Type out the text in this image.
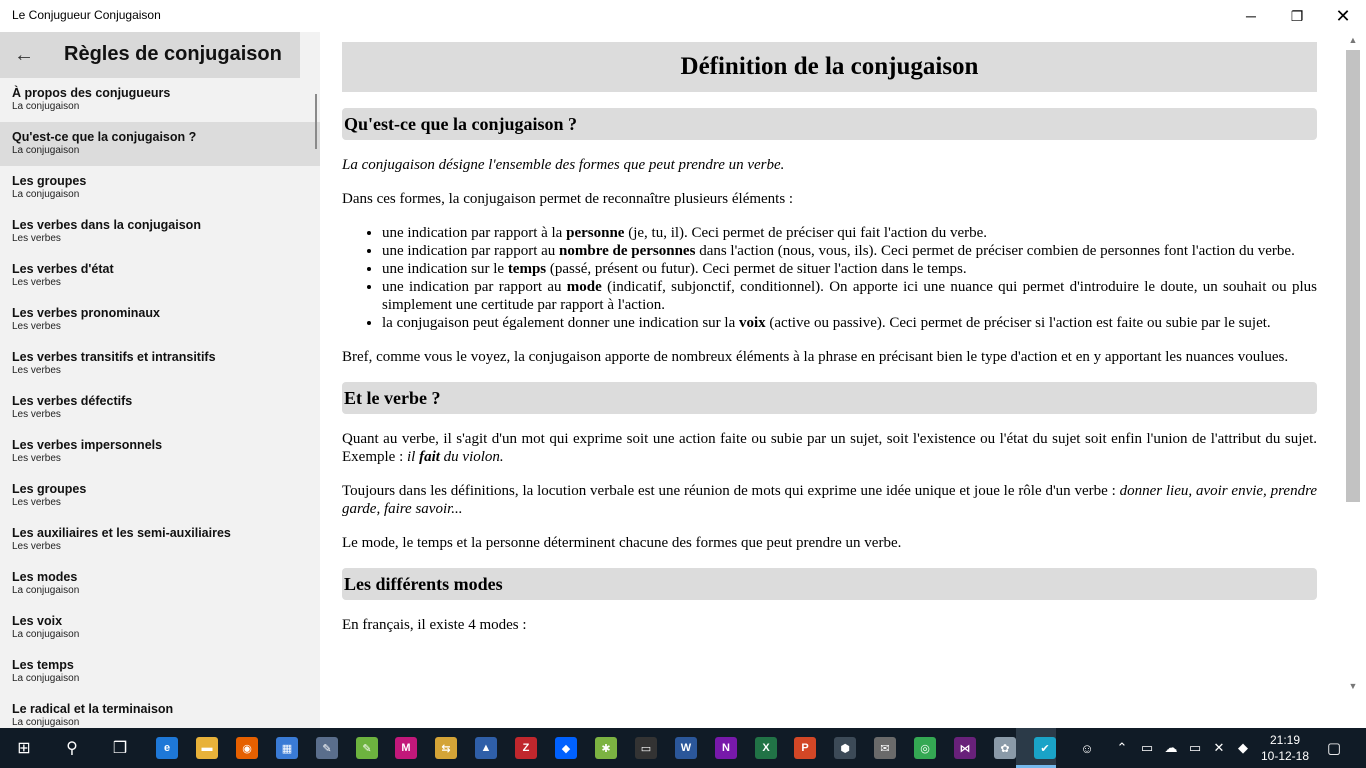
Le Conjugueur Conjugaison	─ ❐ ✕
← Règles de conjugaison
À propos des conjugueurs
La conjugaison
Qu'est-ce que la conjugaison ?
La conjugaison
Les groupes
La conjugaison
Les verbes dans la conjugaison
Les verbes
Les verbes d'état
Les verbes
Les verbes pronominaux
Les verbes
Les verbes transitifs et intransitifs
Les verbes
Les verbes défectifs
Les verbes
Les verbes impersonnels
Les verbes
Les groupes
Les verbes
Les auxiliaires et les semi-auxiliaires
Les verbes
Les modes
La conjugaison
Les voix
La conjugaison
Les temps
La conjugaison
Le radical et la terminaison
La conjugaison
Définition de la conjugaison
Qu'est-ce que la conjugaison ?

La conjugaison désigne l'ensemble des formes que peut prendre un verbe.

Dans ces formes, la conjugaison permet de reconnaître plusieurs éléments :

• une indication par rapport à la personne (je, tu, il). Ceci permet de préciser qui fait l'action du verbe.
• une indication par rapport au nombre de personnes dans l'action (nous, vous, ils). Ceci permet de préciser combien de personnes font l'action du verbe.
• une indication sur le temps (passé, présent ou futur). Ceci permet de situer l'action dans le temps.
• une indication par rapport au mode (indicatif, subjonctif, conditionnel). On apporte ici une nuance qui permet d'introduire le doute, un souhait ou plus simplement une certitude par rapport à l'action.
• la conjugaison peut également donner une indication sur la voix (active ou passive). Ceci permet de préciser si l'action est faite ou subie par le sujet.

Bref, comme vous le voyez, la conjugaison apporte de nombreux éléments à la phrase en précisant bien le type d'action et en y apportant les nuances voulues.

Et le verbe ?

Quant au verbe, il s'agit d'un mot qui exprime soit une action faite ou subie par un sujet, soit l'existence ou l'état du sujet soit enfin l'union de l'attribut du sujet. Exemple : il fait du violon.

Toujours dans les définitions, la locution verbale est une réunion de mots qui exprime une idée unique et joue le rôle d'un verbe : donner lieu, avoir envie, prendre garde, faire savoir...

Le mode, le temps et la personne déterminent chacune des formes que peut prendre un verbe.

Les différents modes

En français, il existe 4 modes :

▲
▼
⊞ ⚲ ❒	e	▬	◉	▦	✎	✎	M	⇆	▲	Z	◆	✱	▭	W	N	X	P	⬢	✉	◎	⋈	✿	✔	☺	⌃	▭ ☁ ▭ ✕	◆	21:19
10-12-18	▢
